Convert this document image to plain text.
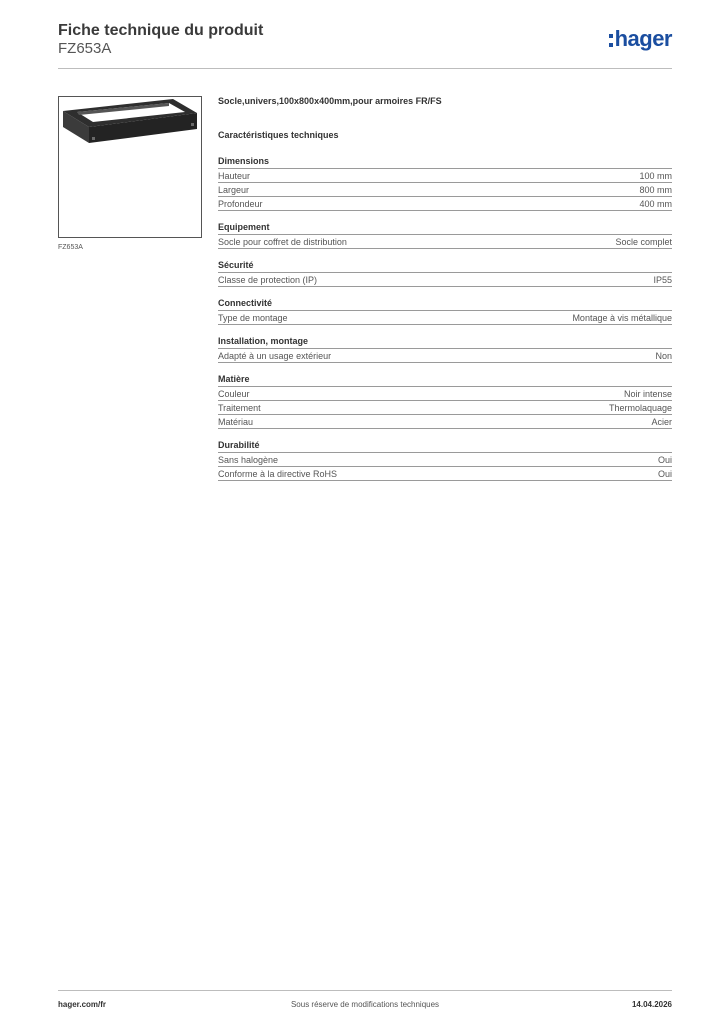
Fiche technique du produit
FZ653A	hager
FZ653A
Socle,univers,100x800x400mm,pour armoires FR/FS
Caractéristiques techniques
Dimensions
Hauteur	100 mm
Largeur	800 mm
Profondeur	400 mm
Equipement
Socle pour coffret de distribution	Socle complet
Sécurité
Classe de protection (IP)	IP55
Connectivité
Type de montage	Montage à vis métallique
Installation, montage
Adapté à un usage extérieur	Non
Matière
Couleur	Noir intense
Traitement	Thermolaquage
Matériau	Acier
Durabilité
Sans halogène	Oui
Conforme à la directive RoHS	Oui
hager.com/fr	Sous réserve de modifications techniques	14.04.2026
